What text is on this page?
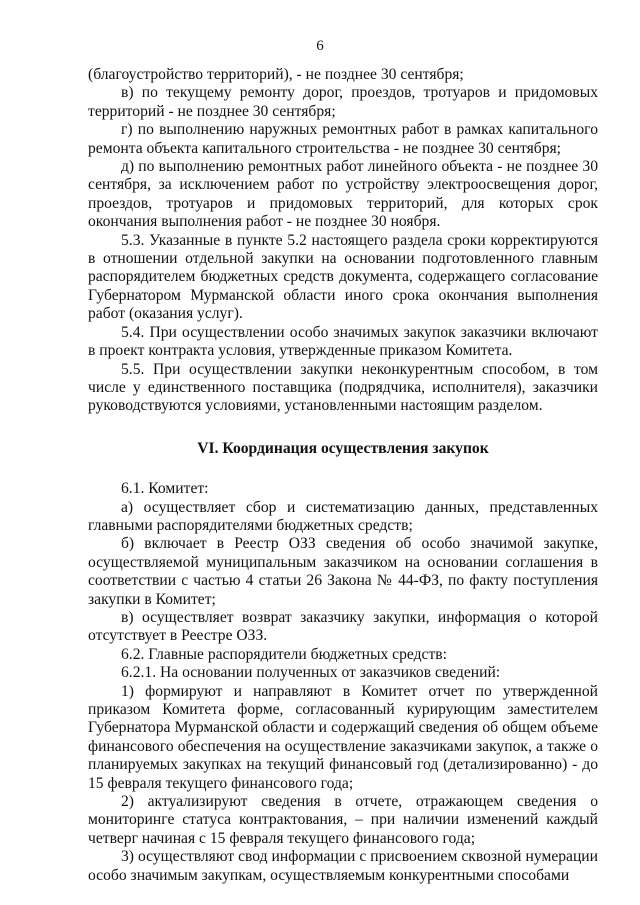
6

(благоустройство территорий), - не позднее 30 сентября;

в) по текущему ремонту дорог, проездов, тротуаров и придомовых территорий - не позднее 30 сентября;

г) по выполнению наружных ремонтных работ в рамках капитального ремонта объекта капитального строительства - не позднее 30 сентября;

д) по выполнению ремонтных работ линейного объекта - не позднее 30 сентября, за исключением работ по устройству электроосвещения дорог, проездов, тротуаров и придомовых территорий, для которых срок окончания выполнения работ - не позднее 30 ноября.

5.3. Указанные в пункте 5.2 настоящего раздела сроки корректируются в отношении отдельной закупки на основании подготовленного главным распорядителем бюджетных средств документа, содержащего согласование Губернатором Мурманской области иного срока окончания выполнения работ (оказания услуг).

5.4. При осуществлении особо значимых закупок заказчики включают в проект контракта условия, утвержденные приказом Комитета.

5.5. При осуществлении закупки неконкурентным способом, в том числе у единственного поставщика (подрядчика, исполнителя), заказчики руководствуются условиями, установленными настоящим разделом.

VI. Координация осуществления закупок

6.1. Комитет:

а) осуществляет сбор и систематизацию данных, представленных главными распорядителями бюджетных средств;

б) включает в Реестр ОЗЗ сведения об особо значимой закупке, осуществляемой муниципальным заказчиком на основании соглашения в соответствии с частью 4 статьи 26 Закона № 44-ФЗ, по факту поступления закупки в Комитет;

в) осуществляет возврат заказчику закупки, информация о которой отсутствует в Реестре ОЗЗ.

6.2. Главные распорядители бюджетных средств:

6.2.1. На основании полученных от заказчиков сведений:

1) формируют и направляют в Комитет отчет по утвержденной приказом Комитета форме, согласованный курирующим заместителем Губернатора Мурманской области и содержащий сведения об общем объеме финансового обеспечения на осуществление заказчиками закупок, а также о планируемых закупках на текущий финансовый год (детализированно) - до 15 февраля текущего финансового года;

2) актуализируют сведения в отчете, отражающем сведения о мониторинге статуса контрактования, – при наличии изменений каждый четверг начиная с 15 февраля текущего финансового года;

3) осуществляют свод информации с присвоением сквозной нумерации особо значимым закупкам, осуществляемым конкурентными способами
